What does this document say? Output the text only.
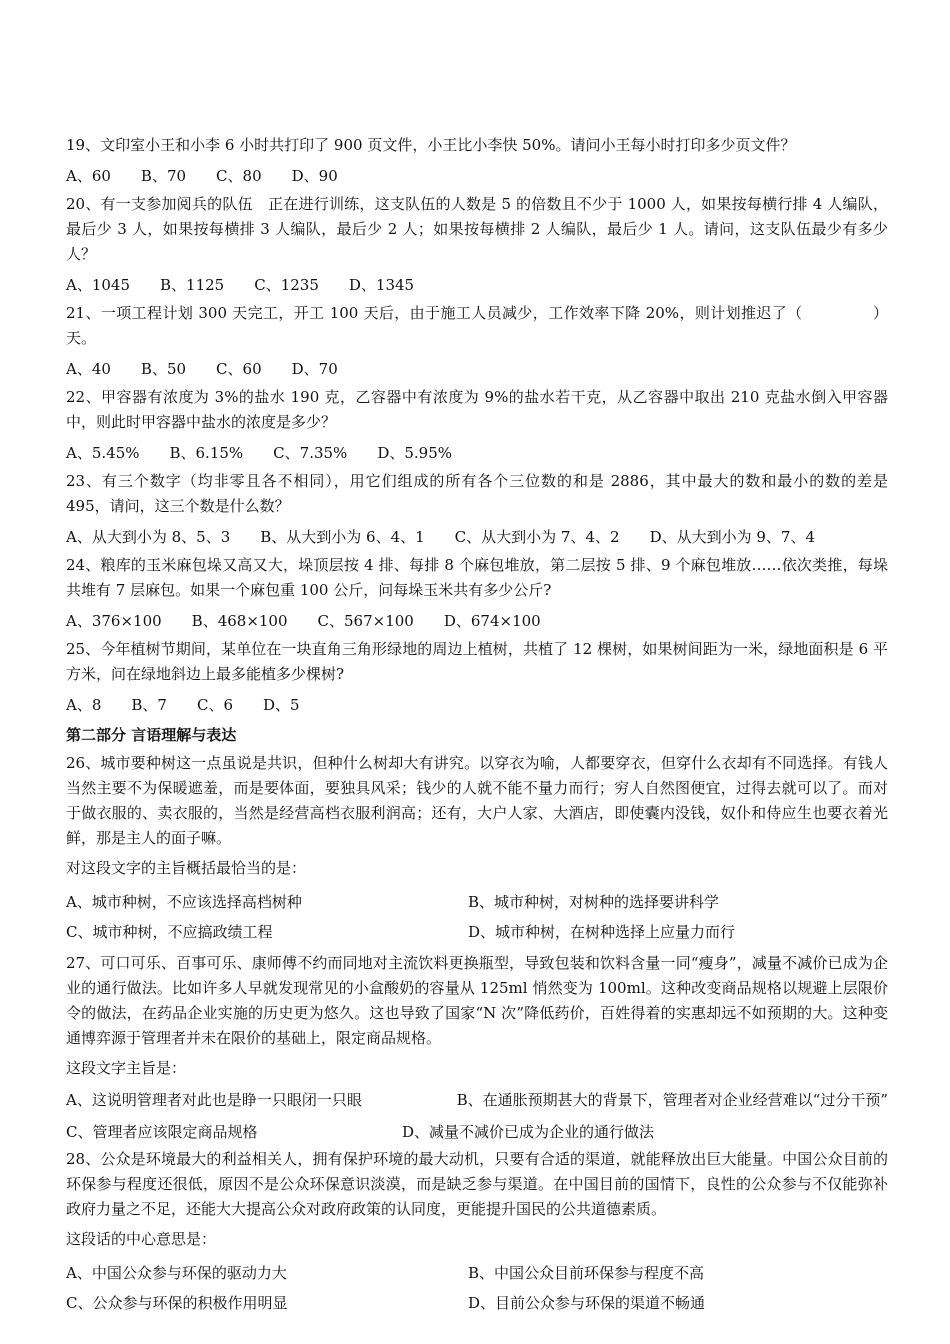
19、文印室小王和小李 6 小时共打印了 900 页文件，小王比小李快 50%。请问小王每小时打印多少页文件？

A、60 B、70 C、80 D、90

20、有一支参加阅兵的队伍　正在进行训练，这支队伍的人数是 5 的倍数且不少于 1000 人，如果按每横行排 4 人编队，最后少 3 人，如果按每横排 3 人编队，最后少 2 人；如果按每横排 2 人编队，最后少 1 人。请问，这支队伍最少有多少人？

A、1045 B、1125 C、1235 D、1345

21、一项工程计划 300 天完工，开工 100 天后，由于施工人员减少，工作效率下降 20%，则计划推迟了（	）天。

A、40 B、50 C、60 D、70

22、甲容器有浓度为 3%的盐水 190 克，乙容器中有浓度为 9%的盐水若干克，从乙容器中取出 210 克盐水倒入甲容器中，则此时甲容器中盐水的浓度是多少？

A、5.45% B、6.15% C、7.35% D、5.95%

23、有三个数字（均非零且各不相同），用它们组成的所有各个三位数的和是 2886，其中最大的数和最小的数的差是 495，请问，这三个数是什么数？

A、从大到小为 8、5、3 B、从大到小为 6、4、1 C、从大到小为 7、4、2 D、从大到小为 9、7、4

24、粮库的玉米麻包垛又高又大，垛顶层按 4 排、每排 8 个麻包堆放，第二层按 5 排、9 个麻包堆放……依次类推，每垛共堆有 7 层麻包。如果一个麻包重 100 公斤，问每垛玉米共有多少公斤?

A、376×100 B、468×100 C、567×100 D、674×100

25、今年植树节期间，某单位在一块直角三角形绿地的周边上植树，共植了 12 棵树，如果树间距为一米，绿地面积是 6 平方米，问在绿地斜边上最多能植多少棵树?

A、8 B、7 C、6 D、5
第二部分 言语理解与表达

26、城市要种树这一点虽说是共识，但种什么树却大有讲究。以穿衣为喻，人都要穿衣，但穿什么衣却有不同选择。有钱人当然主要不为保暖遮羞，而是要体面，要独具风采；钱少的人就不能不量力而行；穷人自然图便宜，过得去就可以了。而对于做衣服的、卖衣服的，当然是经营高档衣服利润高；还有，大户人家、大酒店，即使囊内没钱，奴仆和侍应生也要衣着光鲜，那是主人的面子嘛。

对这段文字的主旨概括最恰当的是：
A、城市种树，不应该选择高档树种	B、城市种树，对树种的选择要讲科学
C、城市种树，不应搞政绩工程	D、城市种树，在树种选择上应量力而行

27、可口可乐、百事可乐、康师傅不约而同地对主流饮料更换瓶型，导致包装和饮料含量一同“瘦身”，减量不减价已成为企业的通行做法。比如许多人早就发现常见的小盒酸奶的容量从 125ml 悄然变为 100ml。这种改变商品规格以规避上层限价令的做法，在药品企业实施的历史更为悠久。这也导致了国家“N 次”降低药价，百姓得着的实惠却远不如预期的大。这种变通博弈源于管理者并未在限价的基础上，限定商品规格。

这段文字主旨是：
A、这说明管理者对此也是睁一只眼闭一只眼	B、在通胀预期甚大的背景下，管理者对企业经营难以“过分干预”
C、管理者应该限定商品规格	D、减量不减价已成为企业的通行做法

28、公众是环境最大的利益相关人，拥有保护环境的最大动机，只要有合适的渠道，就能释放出巨大能量。中国公众目前的环保参与程度还很低，原因不是公众环保意识淡漠，而是缺乏参与渠道。在中国目前的国情下，良性的公众参与不仅能弥补政府力量之不足，还能大大提高公众对政府政策的认同度，更能提升国民的公共道德素质。

这段话的中心意思是：
A、中国公众参与环保的驱动力大	B、中国公众目前环保参与程度不高
C、公众参与环保的积极作用明显	D、目前公众参与环保的渠道不畅通
